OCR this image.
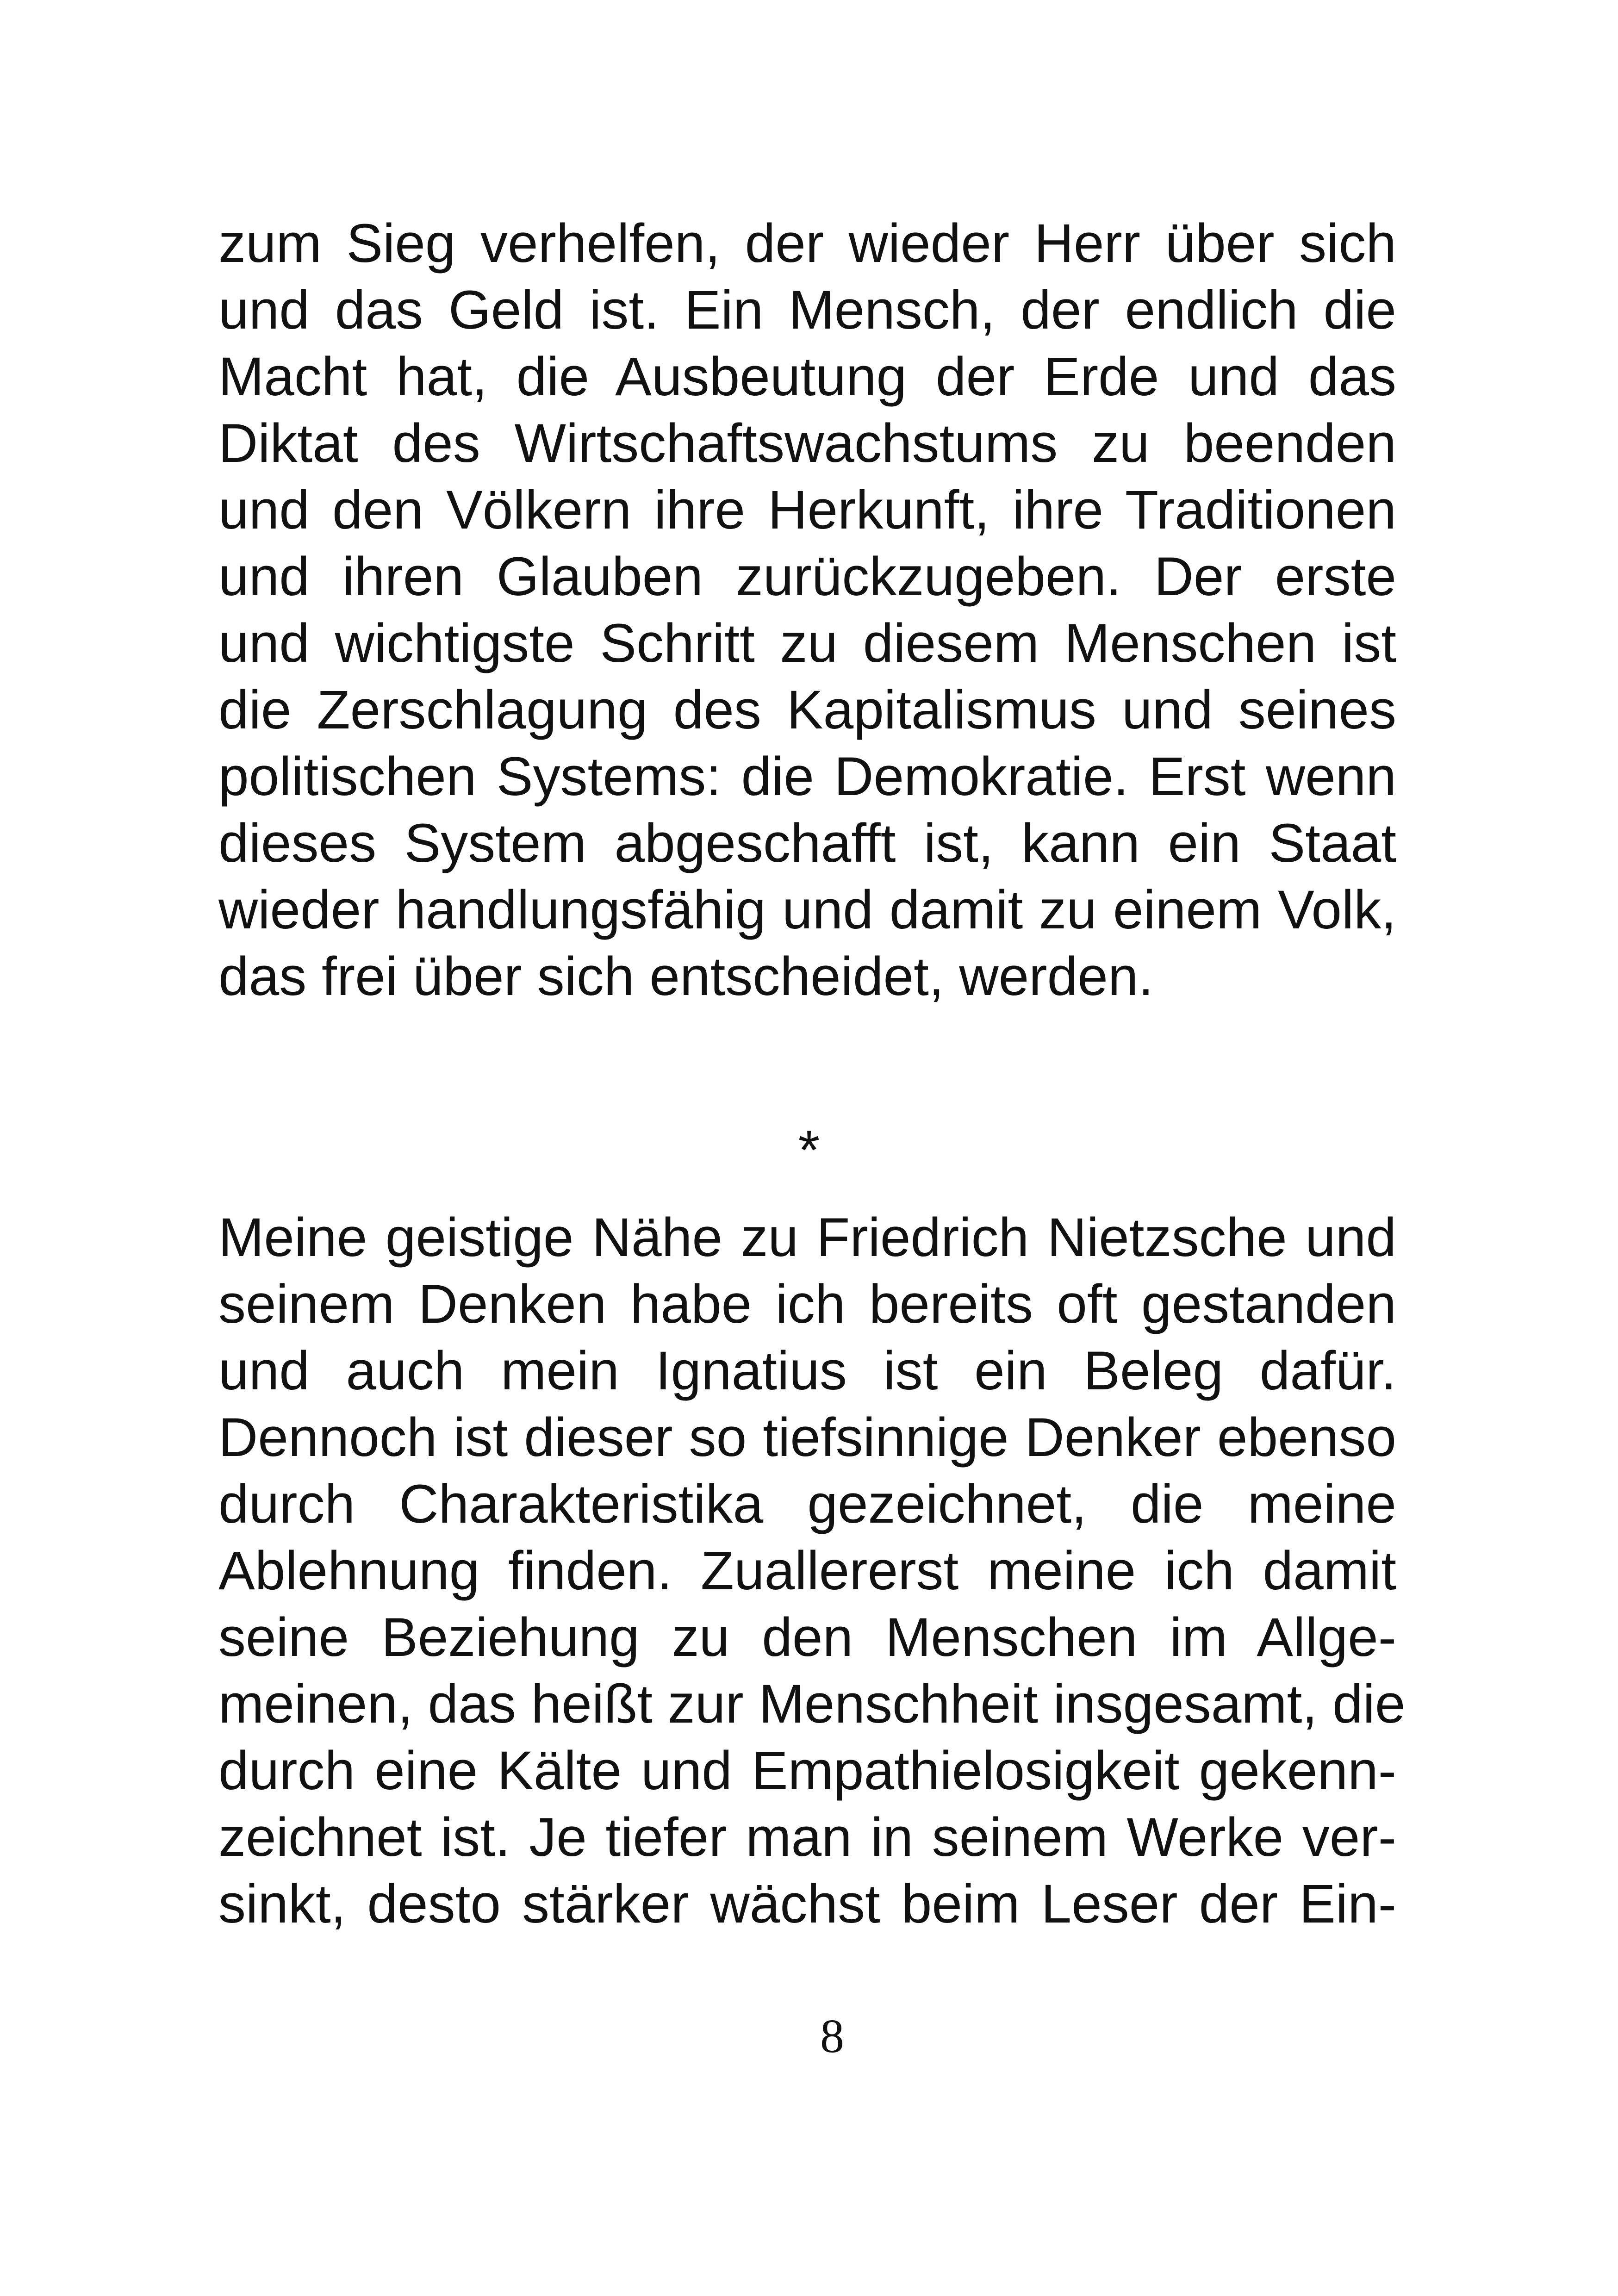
zum Sieg verhelfen, der wieder Herr über sich
und das Geld ist. Ein Mensch, der endlich die
Macht hat, die Ausbeutung der Erde und das
Diktat des Wirtschaftswachstums zu beenden
und den Völkern ihre Herkunft, ihre Traditionen
und ihren Glauben zurückzugeben. Der erste
und wichtigste Schritt zu diesem Menschen ist
die Zerschlagung des Kapitalismus und seines
politischen Systems: die Demokratie. Erst wenn
dieses System abgeschafft ist, kann ein Staat
wieder handlungsfähig und damit zu einem Volk,
das frei über sich entscheidet, werden.
*
Meine geistige Nähe zu Friedrich Nietzsche und
seinem Denken habe ich bereits oft gestanden
und auch mein Ignatius ist ein Beleg dafür.
Dennoch ist dieser so tiefsinnige Denker ebenso
durch Charakteristika gezeichnet, die meine
Ablehnung finden. Zuallererst meine ich damit
seine Beziehung zu den Menschen im Allge-
meinen, das heißt zur Menschheit insgesamt, die
durch eine Kälte und Empathielosigkeit gekenn-
zeichnet ist. Je tiefer man in seinem Werke ver-
sinkt, desto stärker wächst beim Leser der Ein-
8
